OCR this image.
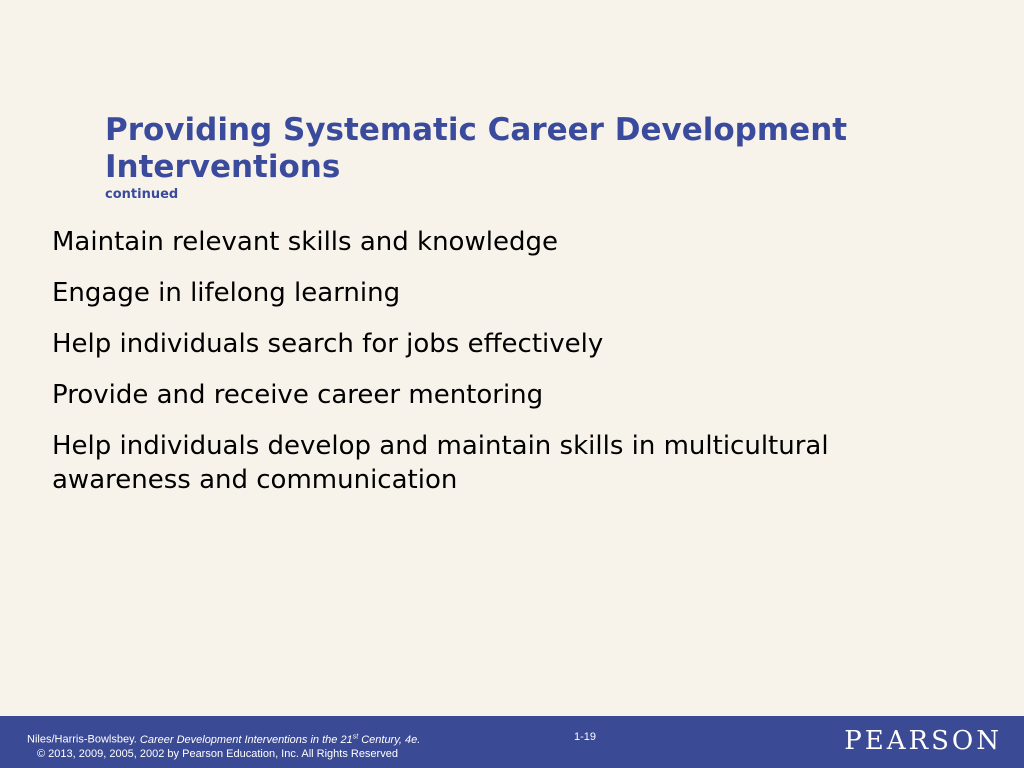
Providing Systematic Career Development Interventions
continued
Maintain relevant skills and knowledge
Engage in lifelong learning
Help individuals search for jobs effectively
Provide and receive career mentoring
Help individuals develop and maintain skills in multicultural awareness and communication
Niles/Harris-Bowlsbey. Career Development Interventions in the 21st Century, 4e.
© 2013, 2009, 2005, 2002 by Pearson Education, Inc. All Rights Reserved
1-19	PEARSON
